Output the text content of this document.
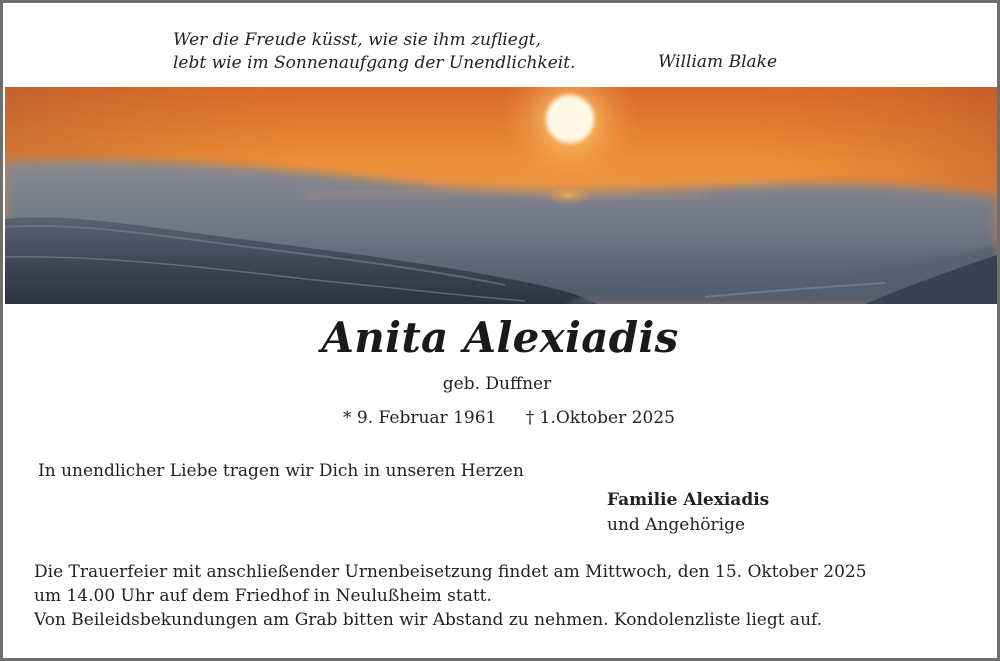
Wer die Freude küsst, wie sie ihm zufliegt,
lebt wie im Sonnenaufgang der Unendlichkeit.	William Blake
Anita Alexiadis
geb. Duffner
* 9. Februar 1961 † 1.Oktober 2025
In unendlicher Liebe tragen wir Dich in unseren Herzen
Familie Alexiadis
und Angehörige
Die Trauerfeier mit anschließender Urnenbeisetzung findet am Mittwoch, den 15. Oktober 2025
um 14.00 Uhr auf dem Friedhof in Neulußheim statt.
Von Beileidsbekundungen am Grab bitten wir Abstand zu nehmen. Kondolenzliste liegt auf.
